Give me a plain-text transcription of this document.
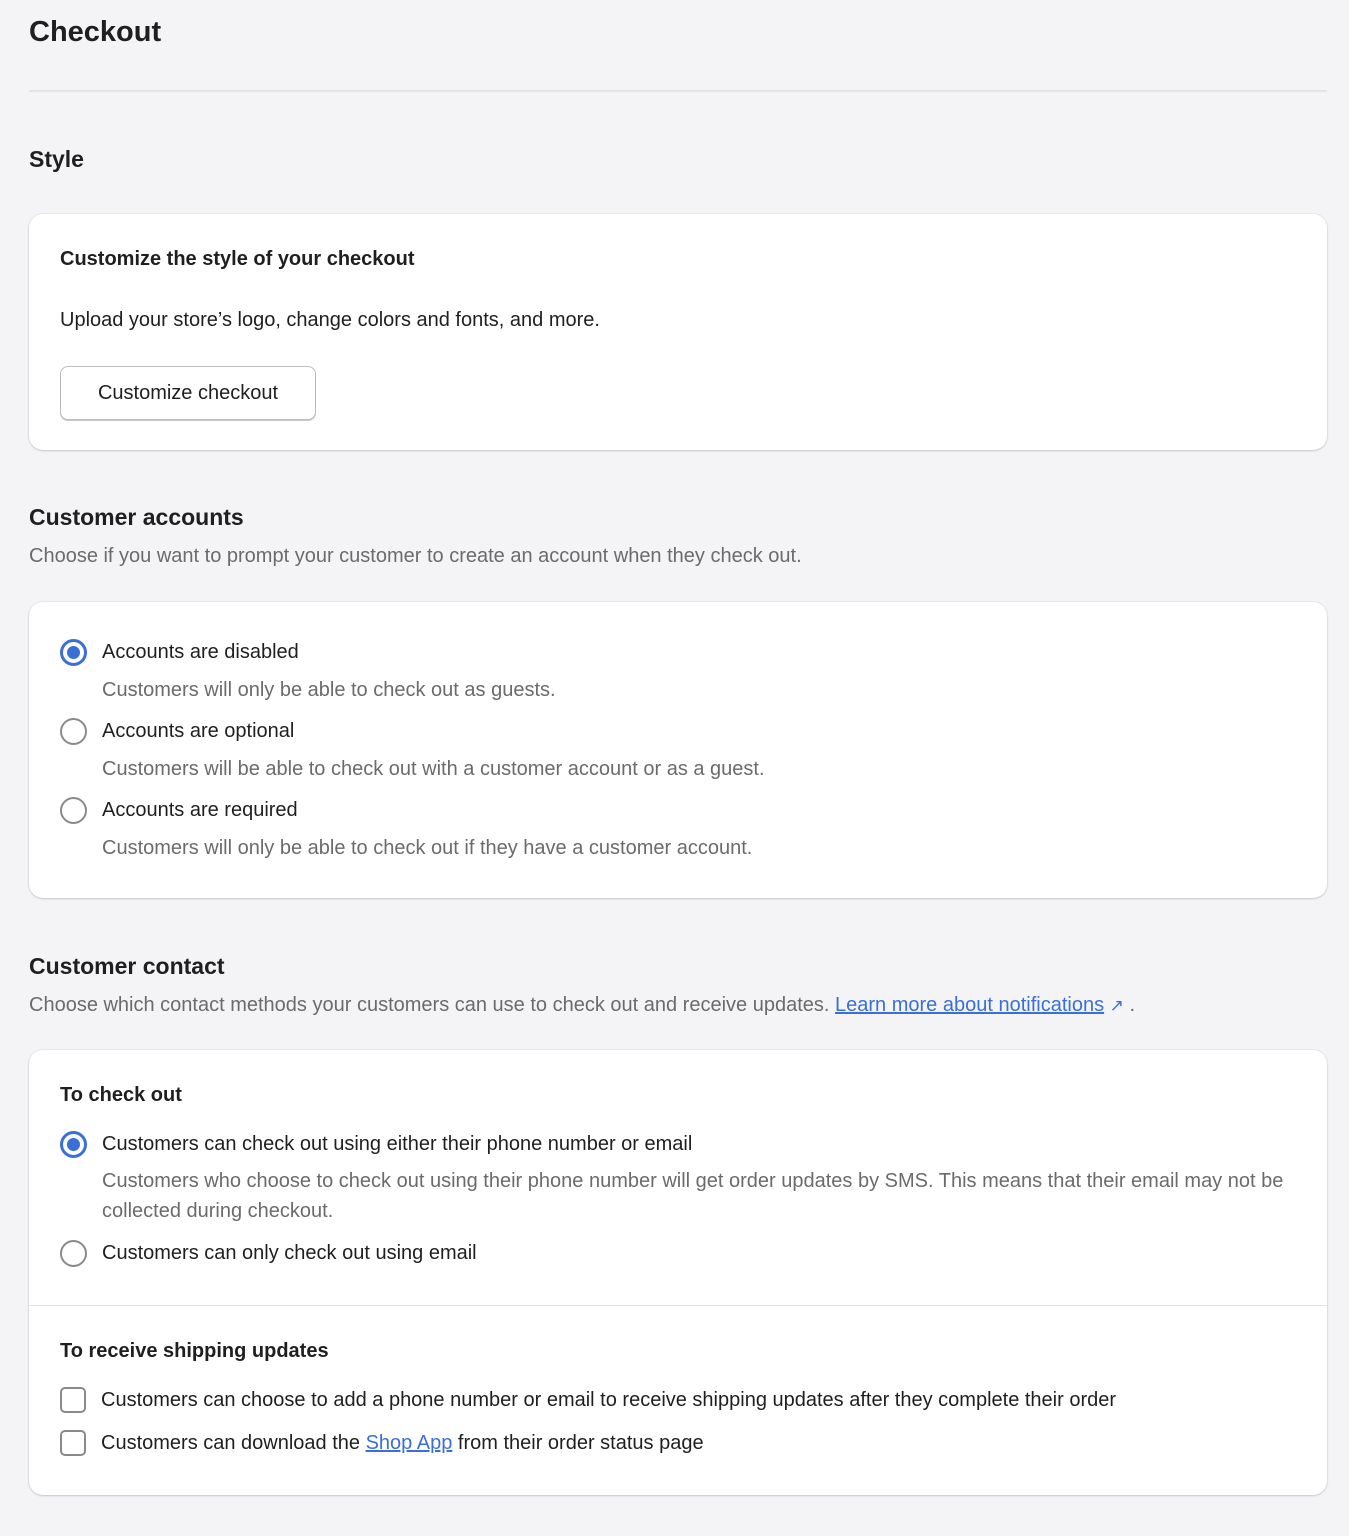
Checkout
Style
Customize the style of your checkout
Upload your store’s logo, change colors and fonts, and more.
Customize checkout
Customer accounts
Choose if you want to prompt your customer to create an account when they check out.
Accounts are disabled
Customers will only be able to check out as guests.
Accounts are optional
Customers will be able to check out with a customer account or as a guest.
Accounts are required
Customers will only be able to check out if they have a customer account.
Customer contact
Choose which contact methods your customers can use to check out and receive updates. Learn more about notifications ↗ .
To check out
Customers can check out using either their phone number or email
Customers who choose to check out using their phone number will get order updates by SMS. This means that their email may not be collected during checkout.
Customers can only check out using email
To receive shipping updates
Customers can choose to add a phone number or email to receive shipping updates after they complete their order
Customers can download the Shop App from their order status page
